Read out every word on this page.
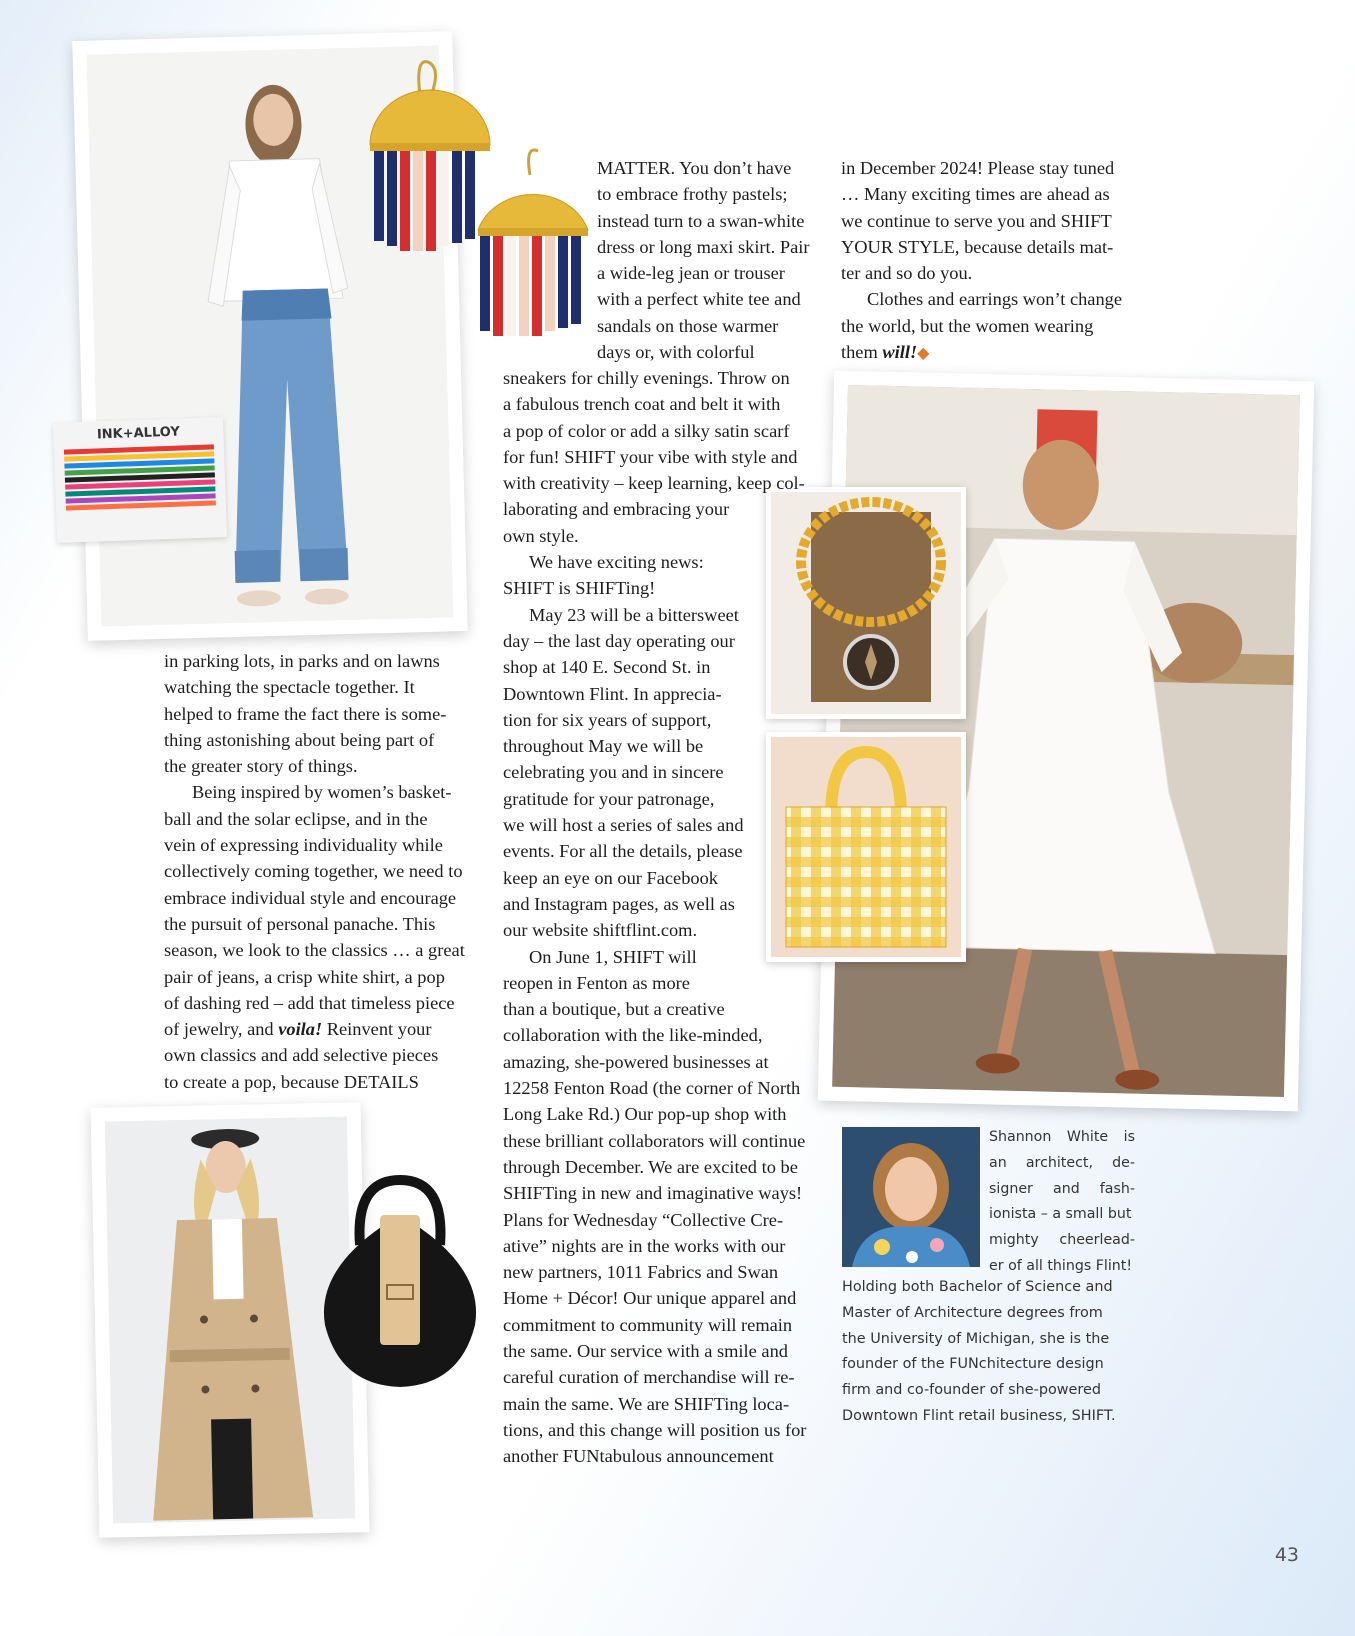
INK+ALLOY

in parking lots, in parks and on lawns
watching the spectacle together. It
helped to frame the fact there is some-
thing astonishing about being part of
the greater story of things.

Being inspired by women’s basket-
ball and the solar eclipse, and in the
vein of expressing individuality while
collectively coming together, we need to
embrace individual style and encourage
the pursuit of personal panache. This
season, we look to the classics … a great
pair of jeans, a crisp white shirt, a pop
of dashing red – add that timeless piece
of jewelry, and voila! Reinvent your
own classics and add selective pieces
to create a pop, because DETAILS

MATTER. You don’t have
to embrace frothy pastels;
instead turn to a swan-white
dress or long maxi skirt. Pair
a wide-leg jean or trouser
with a perfect white tee and
sandals on those warmer
days or, with colorful
sneakers for chilly evenings. Throw on
a fabulous trench coat and belt it with
a pop of color or add a silky satin scarf
for fun! SHIFT your vibe with style and
with creativity – keep learning, keep col-
laborating and embracing your
own style.
We have exciting news:
SHIFT is SHIFTing!
May 23 will be a bittersweet
day – the last day operating our
shop at 140 E. Second St. in
Downtown Flint. In apprecia-
tion for six years of support,
throughout May we will be
celebrating you and in sincere
gratitude for your patronage,
we will host a series of sales and
events. For all the details, please
keep an eye on our Facebook
and Instagram pages, as well as
our website shiftflint.com.
On June 1, SHIFT will
reopen in Fenton as more
than a boutique, but a creative
collaboration with the like-minded,
amazing, she-powered businesses at
12258 Fenton Road (the corner of North
Long Lake Rd.) Our pop-up shop with
these brilliant collaborators will continue
through December. We are excited to be
SHIFTing in new and imaginative ways!
Plans for Wednesday “Collective Cre-
ative” nights are in the works with our
new partners, 1011 Fabrics and Swan
Home + Décor! Our unique apparel and
commitment to community will remain
the same. Our service with a smile and
careful curation of merchandise will re-
main the same. We are SHIFTing loca-
tions, and this change will position us for
another FUNtabulous announcement
in December 2024! Please stay tuned
… Many exciting times are ahead as
we continue to serve you and SHIFT
YOUR STYLE, because details mat-
ter and so do you.
Clothes and earrings won’t change
the world, but the women wearing
them will!◆
Shannon White is
an architect, de-
signer and fash-
ionista – a small but
mighty cheerlead-
er of all things Flint!
Holding both Bachelor of Science and
Master of Architecture degrees from
the University of Michigan, she is the
founder of the FUNchitecture design
firm and co-founder of she-powered
Downtown Flint retail business, SHIFT.
43
